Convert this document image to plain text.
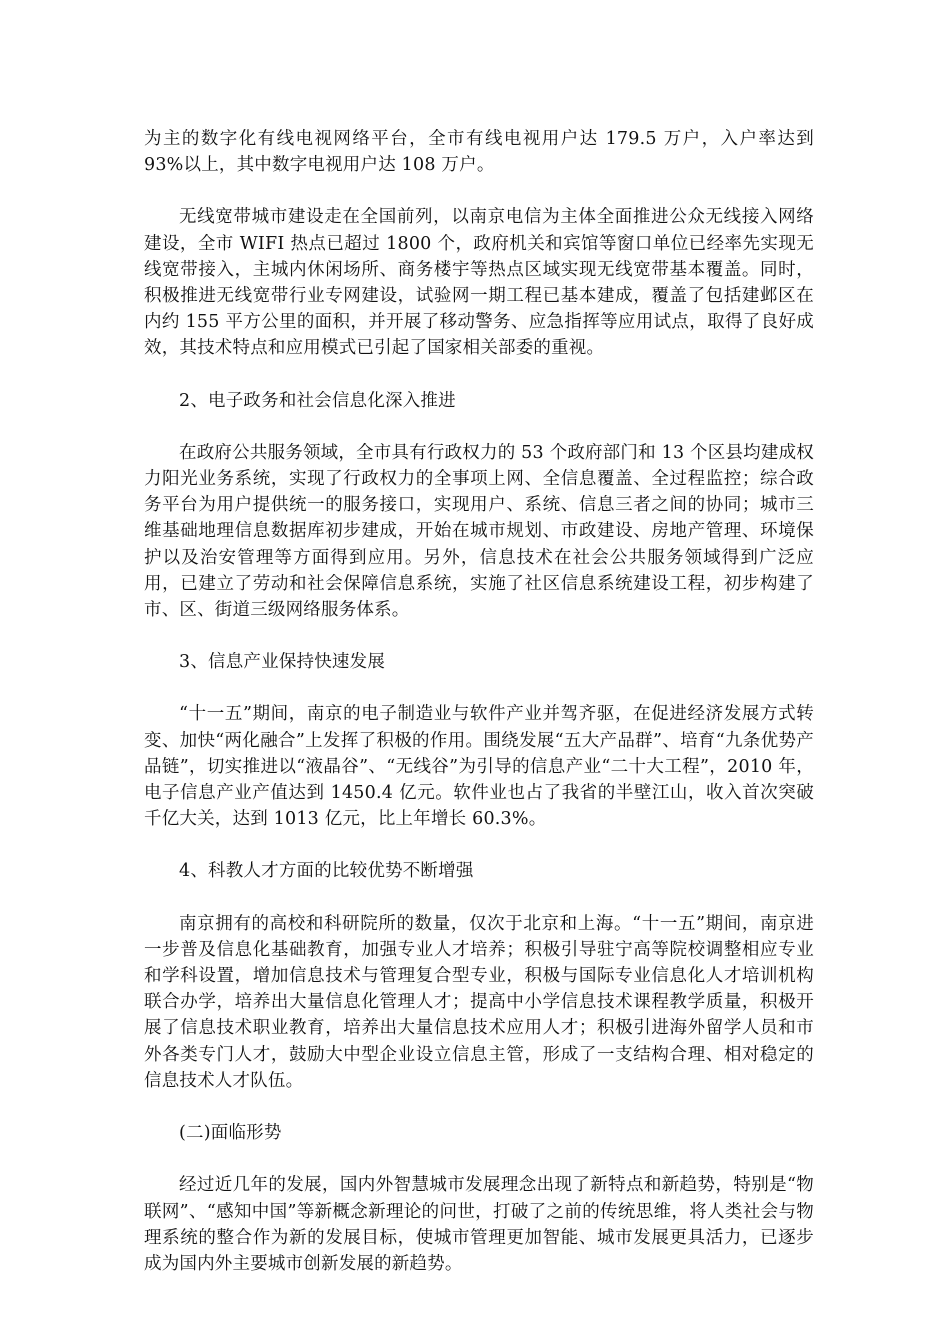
为主的数字化有线电视网络平台，全市有线电视用户达 179.5 万户，入户率达到 93%以上，其中数字电视用户达 108 万户。

无线宽带城市建设走在全国前列，以南京电信为主体全面推进公众无线接入网络建设，全市 WIFI 热点已超过 1800 个，政府机关和宾馆等窗口单位已经率先实现无线宽带接入，主城内休闲场所、商务楼宇等热点区域实现无线宽带基本覆盖。同时，积极推进无线宽带行业专网建设，试验网一期工程已基本建成，覆盖了包括建邺区在内约 155 平方公里的面积，并开展了移动警务、应急指挥等应用试点，取得了良好成效，其技术特点和应用模式已引起了国家相关部委的重视。

2、电子政务和社会信息化深入推进

在政府公共服务领域，全市具有行政权力的 53 个政府部门和 13 个区县均建成权力阳光业务系统，实现了行政权力的全事项上网、全信息覆盖、全过程监控；综合政务平台为用户提供统一的服务接口，实现用户、系统、信息三者之间的协同；城市三维基础地理信息数据库初步建成，开始在城市规划、市政建设、房地产管理、环境保护以及治安管理等方面得到应用。另外，信息技术在社会公共服务领域得到广泛应用，已建立了劳动和社会保障信息系统，实施了社区信息系统建设工程，初步构建了市、区、街道三级网络服务体系。

3、信息产业保持快速发展

“十一五”期间，南京的电子制造业与软件产业并驾齐驱，在促进经济发展方式转变、加快“两化融合”上发挥了积极的作用。围绕发展“五大产品群”、培育“九条优势产品链”，切实推进以“液晶谷”、“无线谷”为引导的信息产业“二十大工程”，2010 年，电子信息产业产值达到 1450.4 亿元。软件业也占了我省的半壁江山，收入首次突破千亿大关，达到 1013 亿元，比上年增长 60.3%。

4、科教人才方面的比较优势不断增强

南京拥有的高校和科研院所的数量，仅次于北京和上海。“十一五”期间，南京进一步普及信息化基础教育，加强专业人才培养；积极引导驻宁高等院校调整相应专业和学科设置，增加信息技术与管理复合型专业，积极与国际专业信息化人才培训机构联合办学，培养出大量信息化管理人才；提高中小学信息技术课程教学质量，积极开展了信息技术职业教育，培养出大量信息技术应用人才；积极引进海外留学人员和市外各类专门人才，鼓励大中型企业设立信息主管，形成了一支结构合理、相对稳定的信息技术人才队伍。

(二)面临形势

经过近几年的发展，国内外智慧城市发展理念出现了新特点和新趋势，特别是“物联网”、“感知中国”等新概念新理论的问世，打破了之前的传统思维，将人类社会与物理系统的整合作为新的发展目标，使城市管理更加智能、城市发展更具活力，已逐步成为国内外主要城市创新发展的新趋势。
